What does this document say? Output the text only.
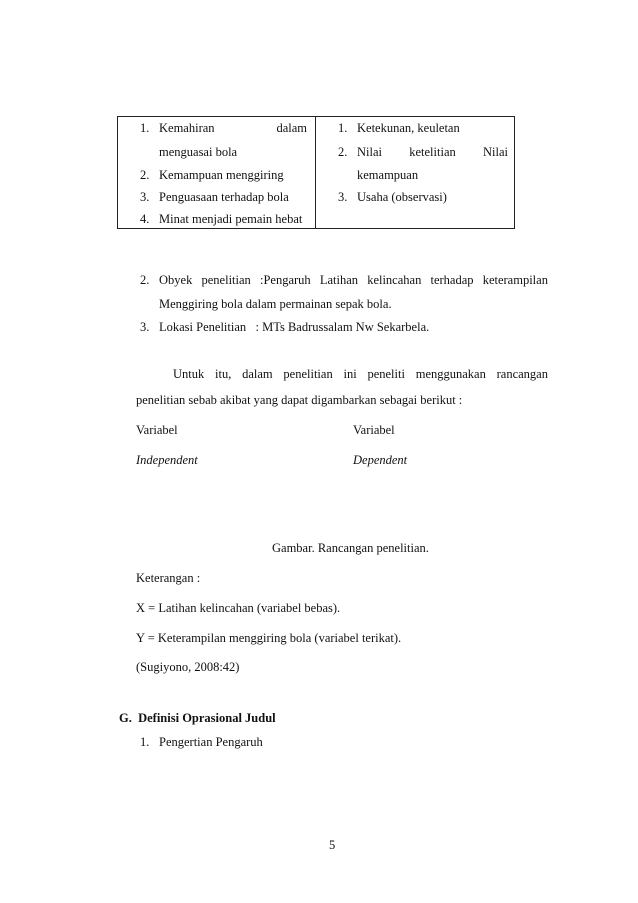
1. Kemahiran	dalam
menguasai bola
2. Kemampuan menggiring
3. Penguasaan terhadap bola
4. Minat menjadi pemain hebat
1. Ketekunan, keuletan
2. Nilai ketelitian Nilai
kemampuan
3. Usaha (observasi)
2. Obyek penelitian :Pengaruh Latihan kelincahan terhadap keterampilan
Menggiring bola dalam permainan sepak bola.
3. Lokasi Penelitian   : MTs Badrussalam Nw Sekarbela.
Untuk itu, dalam penelitian ini peneliti menggunakan rancangan
penelitian sebab akibat yang dapat digambarkan sebagai berikut :
Variabel
Independent
Variabel
Dependent
Gambar. Rancangan penelitian.
Keterangan :
X = Latihan kelincahan (variabel bebas).
Y = Keterampilan menggiring bola (variabel terikat).
(Sugiyono, 2008:42)
G.  Definisi Oprasional Judul
1. Pengertian Pengaruh
5
